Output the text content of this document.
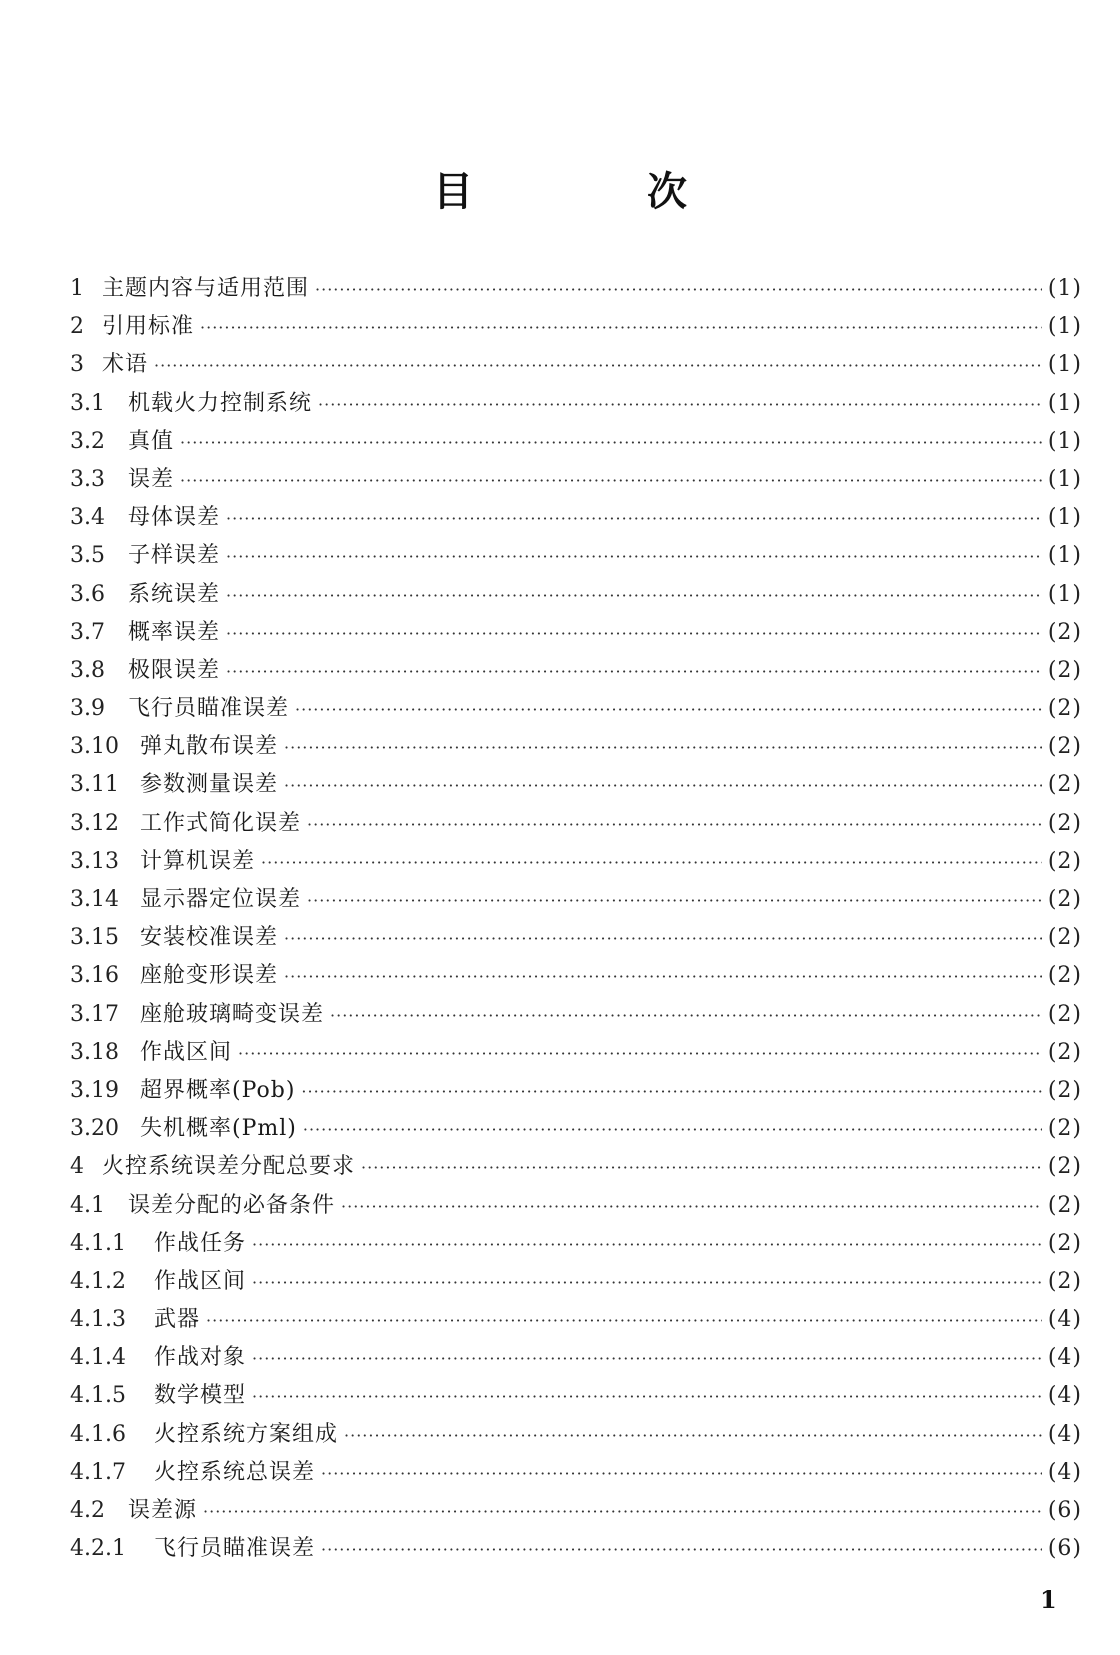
目 次
1 主题内容与适用范围 ·····	(1)
2 引用标准 ·····	(1)
3 术语 ·····	(1)
3.1	机载火力控制系统 ·····	(1)
3.2	真值 ·····	(1)
3.3	误差 ·····	(1)
3.4	母体误差 ·····	(1)
3.5	子样误差 ·····	(1)
3.6	系统误差 ·····	(1)
3.7	概率误差 ·····	(2)
3.8	极限误差 ·····	(2)
3.9	飞行员瞄准误差 ·····	(2)
3.10 弹丸散布误差 ·····	(2)
3.11 参数测量误差 ·····	(2)
3.12 工作式简化误差 ·····	(2)
3.13 计算机误差 ·····	(2)
3.14 显示器定位误差 ·····	(2)
3.15 安装校准误差 ·····	(2)
3.16 座舱变形误差 ·····	(2)
3.17 座舱玻璃畸变误差 ·····	(2)
3.18 作战区间 ·····	(2)
3.19 超界概率(Pob) ·····	(2)
3.20 失机概率(Pml) ·····	(2)
4 火控系统误差分配总要求 ·····	(2)
4.1	误差分配的必备条件 ·····	(2)
4.1.1	作战任务 ·····	(2)
4.1.2	作战区间 ·····	(2)
4.1.3	武器 ·····	(4)
4.1.4	作战对象 ·····	(4)
4.1.5	数学模型 ·····	(4)
4.1.6	火控系统方案组成 ·····	(4)
4.1.7	火控系统总误差 ·····	(4)
4.2	误差源 ·····	(6)
4.2.1	飞行员瞄准误差 ·····	(6)
1
